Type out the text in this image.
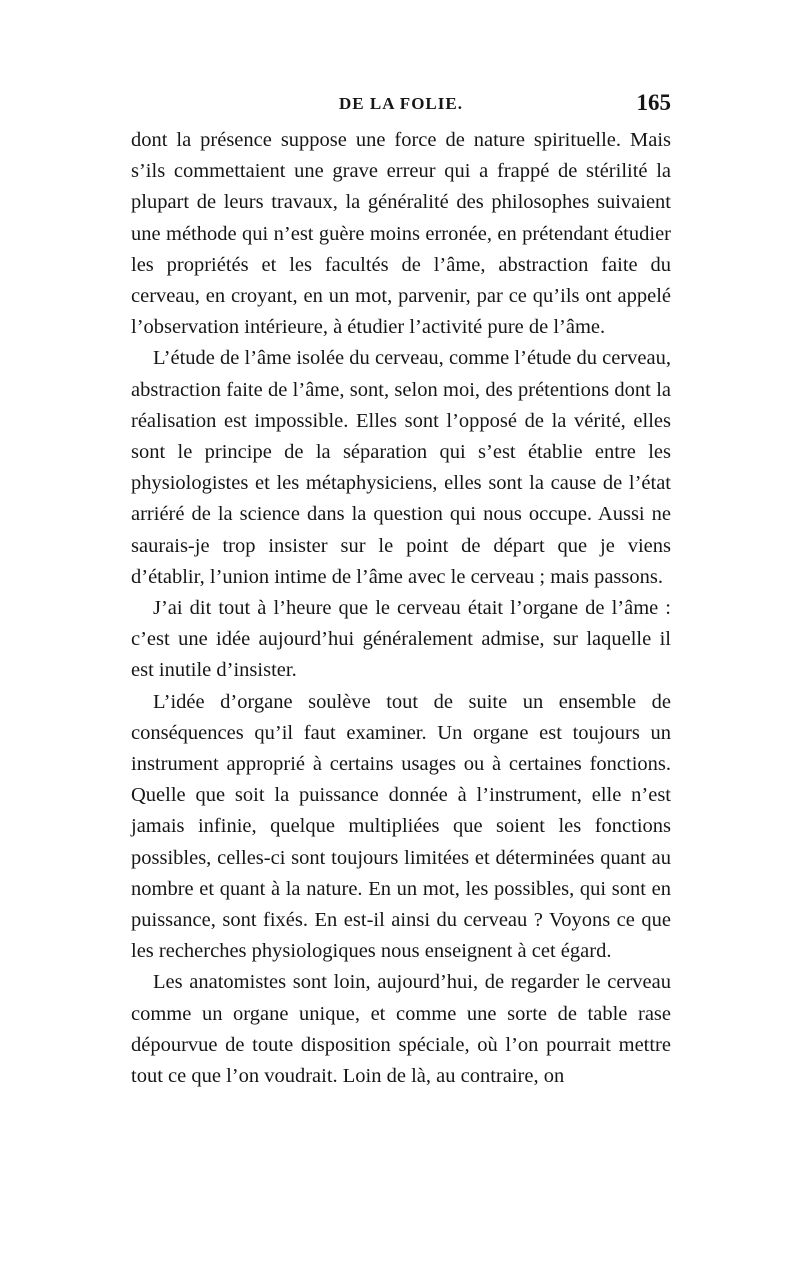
DE LA FOLIE.	165

dont la présence suppose une force de nature spirituelle. Mais s’ils commettaient une grave erreur qui a frappé de stérilité la plupart de leurs travaux, la généralité des philosophes suivaient une méthode qui n’est guère moins erronée, en prétendant étudier les propriétés et les facultés de l’âme, abstraction faite du cerveau, en croyant, en un mot, parvenir, par ce qu’ils ont appelé l’observation intérieure, à étudier l’activité pure de l’âme.

L’étude de l’âme isolée du cerveau, comme l’étude du cerveau, abstraction faite de l’âme, sont, selon moi, des prétentions dont la réalisation est impossible. Elles sont l’opposé de la vérité, elles sont le principe de la séparation qui s’est établie entre les physiologistes et les métaphysiciens, elles sont la cause de l’état arriéré de la science dans la question qui nous occupe. Aussi ne saurais-je trop insister sur le point de départ que je viens d’établir, l’union intime de l’âme avec le cerveau ; mais passons.

J’ai dit tout à l’heure que le cerveau était l’organe de l’âme : c’est une idée aujourd’hui généralement admise, sur laquelle il est inutile d’insister.

L’idée d’organe soulève tout de suite un ensemble de conséquences qu’il faut examiner. Un organe est toujours un instrument approprié à certains usages ou à certaines fonctions. Quelle que soit la puissance donnée à l’instrument, elle n’est jamais infinie, quelque multipliées que soient les fonctions possibles, celles-ci sont toujours limitées et déterminées quant au nombre et quant à la nature. En un mot, les possibles, qui sont en puissance, sont fixés. En est-il ainsi du cerveau ? Voyons ce que les recherches physiologiques nous enseignent à cet égard.

Les anatomistes sont loin, aujourd’hui, de regarder le cerveau comme un organe unique, et comme une sorte de table rase dépourvue de toute disposition spéciale, où l’on pourrait mettre tout ce que l’on voudrait. Loin de là, au contraire, on
